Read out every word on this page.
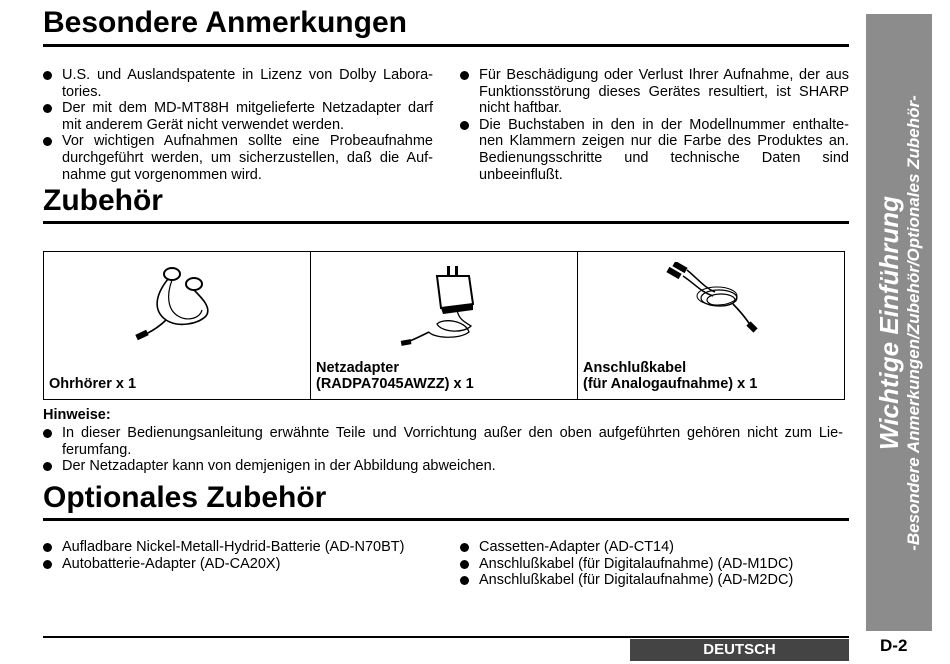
Besondere Anmerkungen
U.S. und Auslandspatente in Lizenz von Dolby Labora-tories.
Der mit dem MD-MT88H mitgelieferte Netzadapter darf mit anderem Gerät nicht verwendet werden.
Vor wichtigen Aufnahmen sollte eine Probeaufnahme durchgeführt werden, um sicherzustellen, daß die Auf-nahme gut vorgenommen wird.
Für Beschädigung oder Verlust Ihrer Aufnahme, der aus Funktionsstörung dieses Gerätes resultiert, ist SHARP nicht haftbar.
Die Buchstaben in den in der Modellnummer enthalte-nen Klammern zeigen nur die Farbe des Produktes an. Bedienungsschritte und technische Daten sind unbeeinflußt.
Zubehör
Ohrhörer x 1
Netzadapter
(RADPA7045AWZZ) x 1
Anschlußkabel
(für Analogaufnahme) x 1
Hinweise:
In dieser Bedienungsanleitung erwähnte Teile und Vorrichtung außer den oben aufgeführten gehören nicht zum Lie-ferumfang.
Der Netzadapter kann von demjenigen in der Abbildung abweichen.
Optionales Zubehör
Aufladbare Nickel-Metall-Hydrid-Batterie (AD-N70BT)
Autobatterie-Adapter (AD-CA20X)
Cassetten-Adapter (AD-CT14)
Anschlußkabel (für Digitalaufnahme) (AD-M1DC)
Anschlußkabel (für Digitalaufnahme) (AD-M2DC)
Wichtige Einführung -Besondere Anmerkungen/Zubehör/Optionales Zubehör-
DEUTSCH	D-2
